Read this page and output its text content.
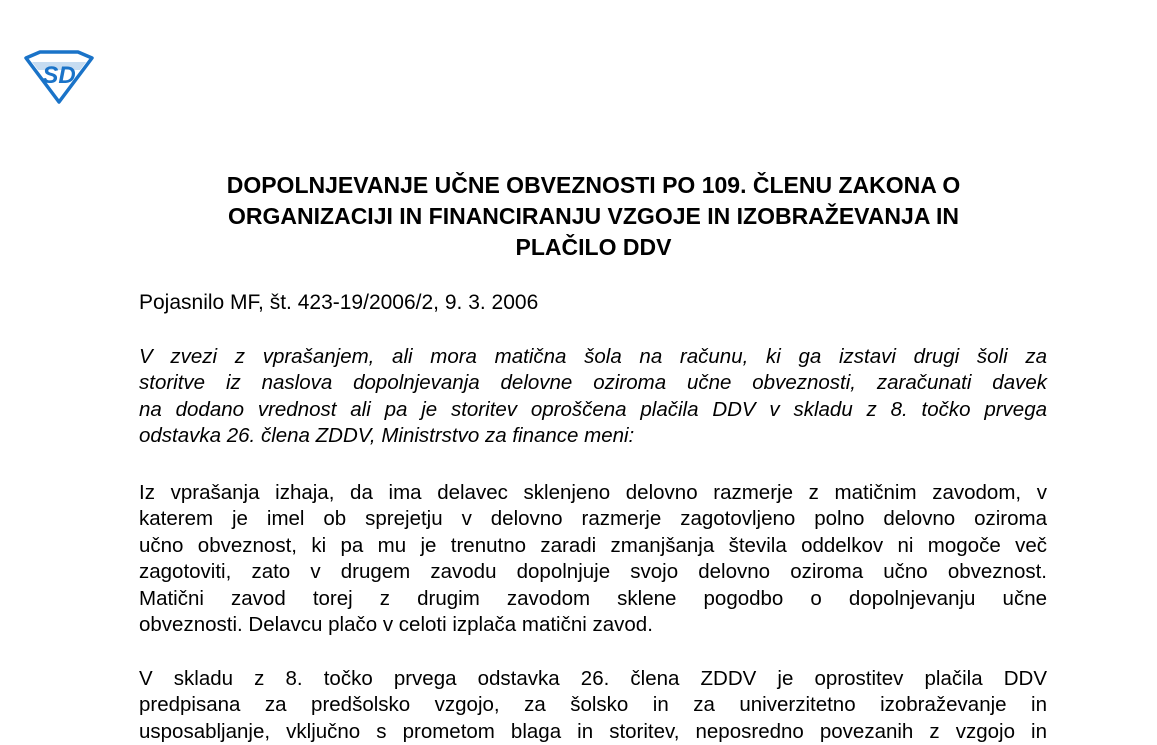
SD
DOPOLNJEVANJE UČNE OBVEZNOSTI PO 109. ČLENU ZAKONA O
ORGANIZACIJI IN FINANCIRANJU VZGOJE IN IZOBRAŽEVANJA IN
PLAČILO DDV

Pojasnilo MF, št. 423-19/2006/2, 9. 3. 2006

V zvezi z vprašanjem, ali mora matična šola na računu, ki ga izstavi drugi šoli za
storitve iz naslova dopolnjevanja delovne oziroma učne obveznosti, zaračunati davek
na dodano vrednost ali pa je storitev oproščena plačila DDV v skladu z 8. točko prvega
odstavka 26. člena ZDDV, Ministrstvo za finance meni:
Iz vprašanja izhaja, da ima delavec sklenjeno delovno razmerje z matičnim zavodom, v
katerem je imel ob sprejetju v delovno razmerje zagotovljeno polno delovno oziroma
učno obveznost, ki pa mu je trenutno zaradi zmanjšanja števila oddelkov ni mogoče več
zagotoviti, zato v drugem zavodu dopolnjuje svojo delovno oziroma učno obveznost.
Matični zavod torej z drugim zavodom sklene pogodbo o dopolnjevanju učne
obveznosti. Delavcu plačo v celoti izplača matični zavod.
V skladu z 8. točko prvega odstavka 26. člena ZDDV je oprostitev plačila DDV
predpisana za predšolsko vzgojo, za šolsko in za univerzitetno izobraževanje in
usposabljanje, vključno s prometom blaga in storitev, neposredno povezanih z vzgojo in
